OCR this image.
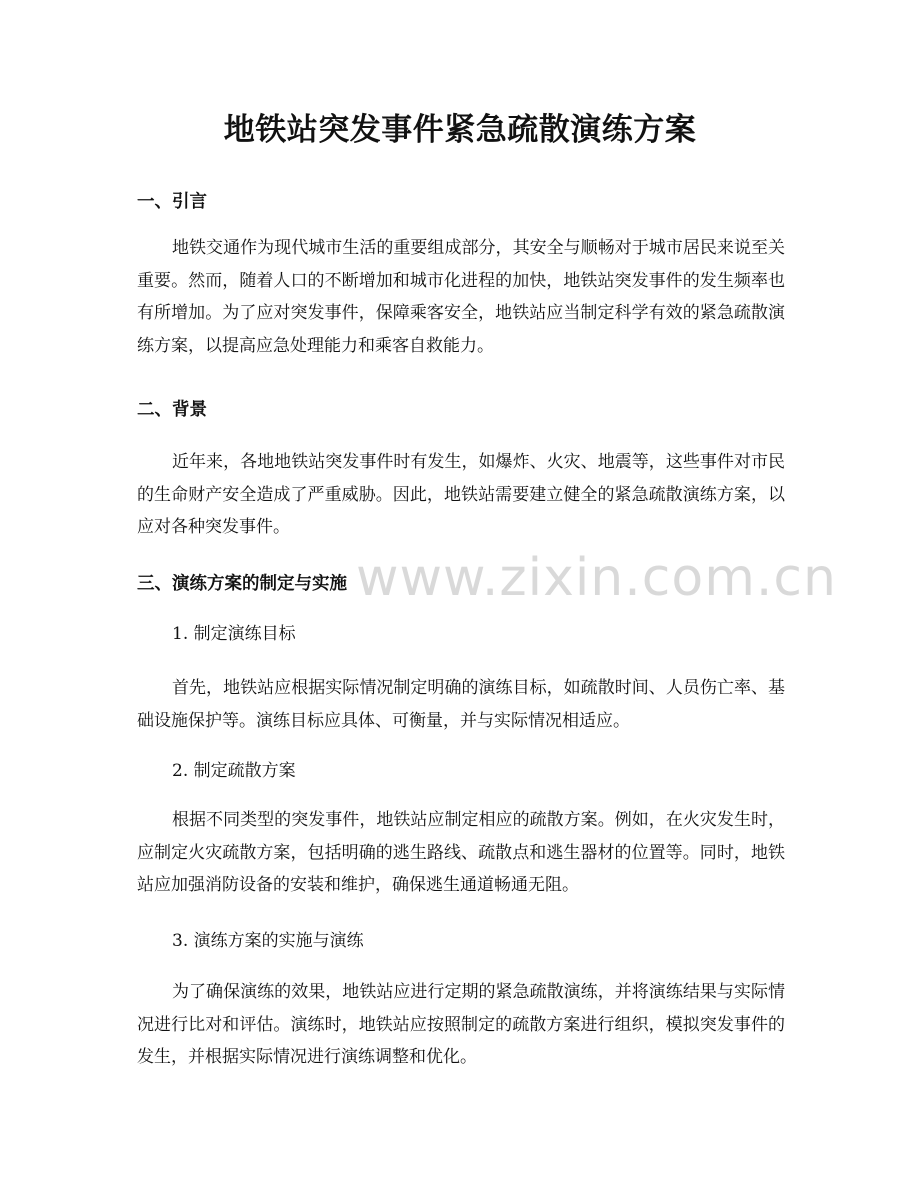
地铁站突发事件紧急疏散演练方案
一、引言

地铁交通作为现代城市生活的重要组成部分，其安全与顺畅对于城市居民来说至关重要。然而，随着人口的不断增加和城市化进程的加快，地铁站突发事件的发生频率也有所增加。为了应对突发事件，保障乘客安全，地铁站应当制定科学有效的紧急疏散演练方案，以提高应急处理能力和乘客自救能力。

二、背景

近年来，各地地铁站突发事件时有发生，如爆炸、火灾、地震等，这些事件对市民的生命财产安全造成了严重威胁。因此，地铁站需要建立健全的紧急疏散演练方案，以应对各种突发事件。

三、演练方案的制定与实施
1. 制定演练目标

首先，地铁站应根据实际情况制定明确的演练目标，如疏散时间、人员伤亡率、基础设施保护等。演练目标应具体、可衡量，并与实际情况相适应。

2. 制定疏散方案

根据不同类型的突发事件，地铁站应制定相应的疏散方案。例如，在火灾发生时，应制定火灾疏散方案，包括明确的逃生路线、疏散点和逃生器材的位置等。同时，地铁站应加强消防设备的安装和维护，确保逃生通道畅通无阻。

3. 演练方案的实施与演练

为了确保演练的效果，地铁站应进行定期的紧急疏散演练，并将演练结果与实际情况进行比对和评估。演练时，地铁站应按照制定的疏散方案进行组织，模拟突发事件的发生，并根据实际情况进行演练调整和优化。

www.zixin.com.cn
